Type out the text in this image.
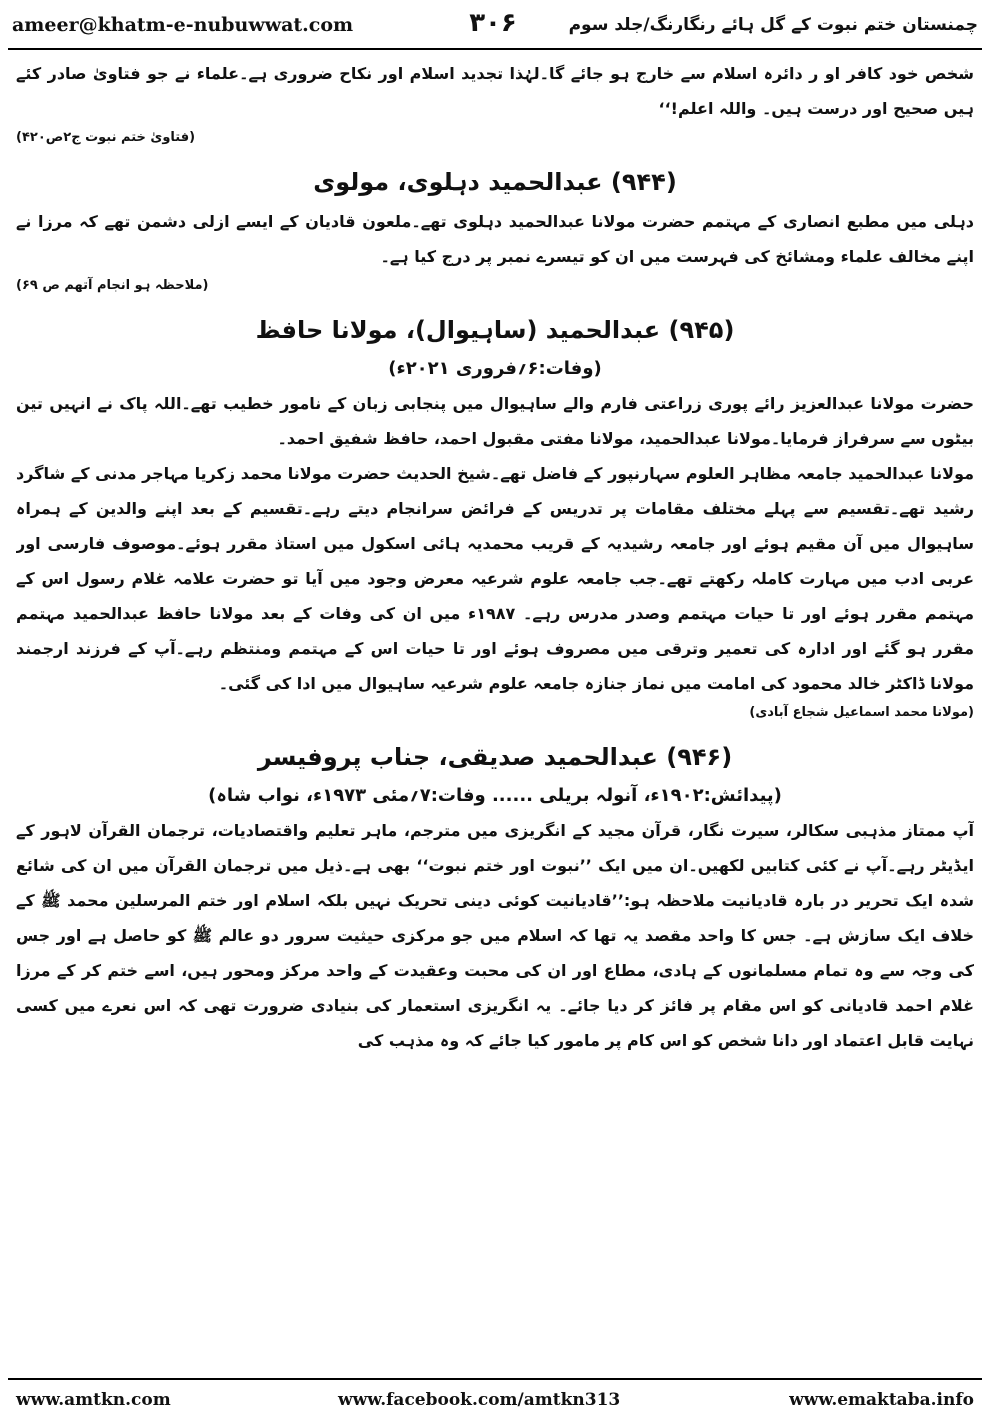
ameer@khatm-e-nubuwwat.com	۳۰۶	چمنستان ختم نبوت کے گل ہائے رنگارنگ/جلد سوم

شخص خود کافر او ر دائرہ اسلام سے خارج ہو جائے گا۔لہٰذا تجدید اسلام اور نکاح ضروری ہے۔علماء نے جو فتاویٰ صادر کئے ہیں صحیح اور درست ہیں۔ واللہ اعلم!‘‘

(فتاویٰ ختم نبوت ج۲ص۴۲۰)
(۹۴۴) عبدالحمید دہلوی، مولوی

دہلی میں مطبع انصاری کے مہتمم حضرت مولانا عبدالحمید دہلوی تھے۔ملعون قادیان کے ایسے ازلی دشمن تھے کہ مرزا نے اپنے مخالف علماء ومشائخ کی فہرست میں ان کو تیسرے نمبر پر درج کیا ہے۔

(ملاحظہ ہو انجام آتھم ص ۶۹)
(۹۴۵) عبدالحمید (ساہیوال)، مولانا حافظ
(وفات:۶؍فروری ۲۰۲۱ء)

حضرت مولانا عبدالعزیز رائے پوری زراعتی فارم والے ساہیوال میں پنجابی زبان کے نامور خطیب تھے۔اللہ پاک نے انہیں تین بیٹوں سے سرفراز فرمایا۔مولانا عبدالحمید، مولانا مفتی مقبول احمد، حافظ شفیق احمد۔

مولانا عبدالحمید جامعہ مظاہر العلوم سہارنپور کے فاضل تھے۔شیخ الحدیث حضرت مولانا محمد زکریا مہاجر مدنی کے شاگرد رشید تھے۔تقسیم سے پہلے مختلف مقامات پر تدریس کے فرائض سرانجام دیتے رہے۔تقسیم کے بعد اپنے والدین کے ہمراہ ساہیوال میں آن مقیم ہوئے اور جامعہ رشیدیہ کے قریب محمدیہ ہائی اسکول میں استاذ مقرر ہوئے۔موصوف فارسی اور عربی ادب میں مہارت کاملہ رکھتے تھے۔جب جامعہ علوم شرعیہ معرض وجود میں آیا تو حضرت علامہ غلام رسول اس کے مہتمم مقرر ہوئے اور تا حیات مہتمم وصدر مدرس رہے۔ ۱۹۸۷ء میں ان کی وفات کے بعد مولانا حافظ عبدالحمید مہتمم مقرر ہو گئے اور ادارہ کی تعمیر وترقی میں مصروف ہوئے اور تا حیات اس کے مہتمم ومنتظم رہے۔آپ کے فرزند ارجمند مولانا ڈاکٹر خالد محمود کی امامت میں نماز جنازہ جامعہ علوم شرعیہ ساہیوال میں ادا کی گئی۔

(مولانا محمد اسماعیل شجاع آبادی)
(۹۴۶) عبدالحمید صدیقی، جناب پروفیسر
(پیدائش:۱۹۰۲ء، آنولہ بریلی ...... وفات:۷؍مئی ۱۹۷۳ء، نواب شاہ)

آپ ممتاز مذہبی سکالر، سیرت نگار، قرآن مجید کے انگریزی میں مترجم، ماہر تعلیم واقتصادیات، ترجمان القرآن لاہور کے ایڈیٹر رہے۔آپ نے کئی کتابیں لکھیں۔ان میں ایک ’’نبوت اور ختم نبوت‘‘ بھی ہے۔ذیل میں ترجمان القرآن میں ان کی شائع شدہ ایک تحریر در بارہ قادیانیت ملاحظہ ہو:’’قادیانیت کوئی دینی تحریک نہیں بلکہ اسلام اور ختم المرسلین محمد ﷺ کے خلاف ایک سازش ہے۔ جس کا واحد مقصد یہ تھا کہ اسلام میں جو مرکزی حیثیت سرور دو عالم ﷺ کو حاصل ہے اور جس کی وجہ سے وہ تمام مسلمانوں کے ہادی، مطاع اور ان کی محبت وعقیدت کے واحد مرکز ومحور ہیں، اسے ختم کر کے مرزا غلام احمد قادیانی کو اس مقام پر فائز کر دیا جائے۔ یہ انگریزی استعمار کی بنیادی ضرورت تھی کہ اس نعرے میں کسی نہایت قابل اعتماد اور دانا شخص کو اس کام پر مامور کیا جائے کہ وہ مذہب کی

www.amtkn.com	www.facebook.com/amtkn313	www.emaktaba.info
